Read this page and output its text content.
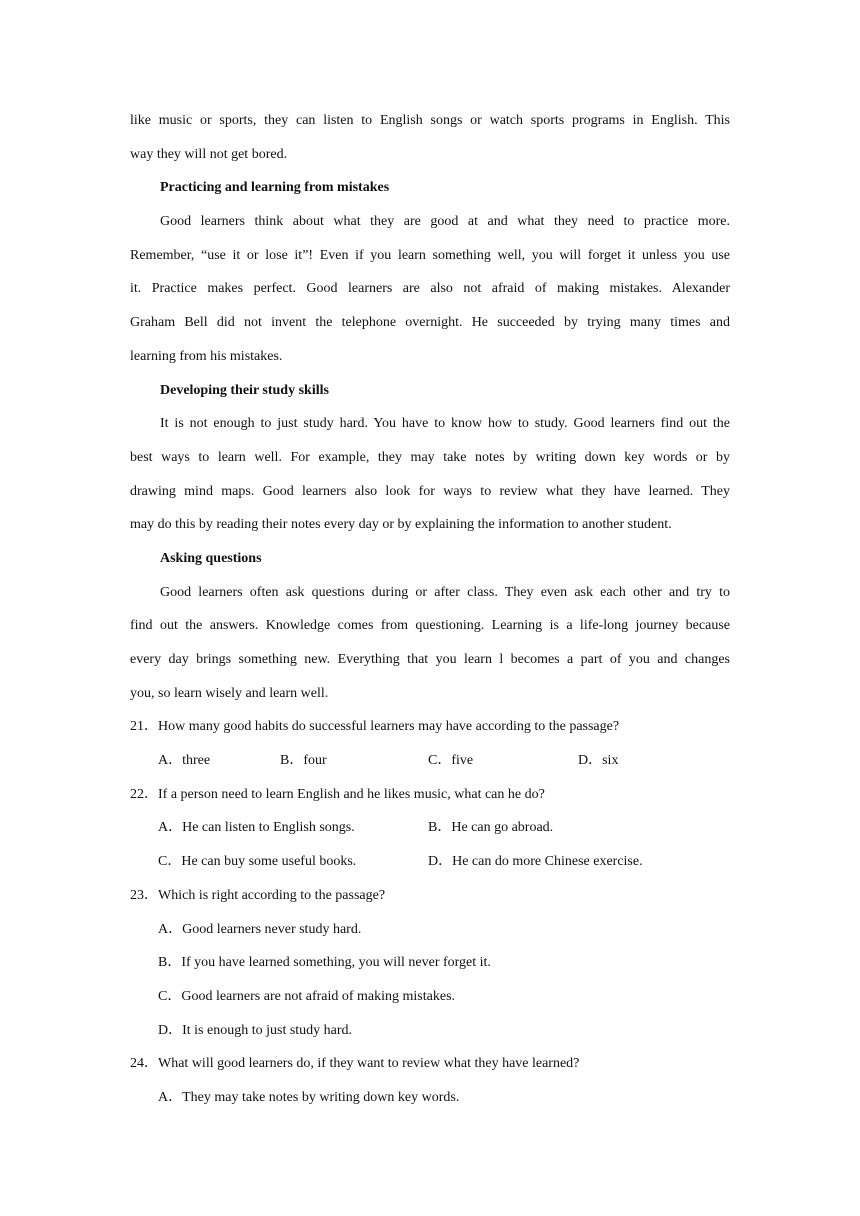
like music or sports, they can listen to English songs or watch sports programs in English. This
way they will not get bored.
Practicing and learning from mistakes
Good learners think about what they are good at and what they need to practice more.
Remember, “use it or lose it”! Even if you learn something well, you will forget it unless you use
it. Practice makes perfect. Good learners are also not afraid of making mistakes. Alexander
Graham Bell did not invent the telephone overnight. He succeeded by trying many times and
learning from his mistakes.
Developing their study skills
It is not enough to just study hard. You have to know how to study. Good learners find out the
best ways to learn well. For example, they may take notes by writing down key words or by
drawing mind maps. Good learners also look for ways to review what they have learned. They
may do this by reading their notes every day or by explaining the information to another student.
Asking questions
Good learners often ask questions during or after class. They even ask each other and try to
find out the answers. Knowledge comes from questioning. Learning is a life-long journey because
every day brings something new. Everything that you learn l becomes a part of you and changes
you, so learn wisely and learn well.
21．How many good habits do successful learners may have according to the passage?
A．three	B．four	C．five	D．six
22．If a person need to learn English and he likes music, what can he do?
A．He can listen to English songs.	B．He can go abroad.
C．He can buy some useful books.	D．He can do more Chinese exercise.
23．Which is right according to the passage?
A．Good learners never study hard.
B．If you have learned something, you will never forget it.
C．Good learners are not afraid of making mistakes.
D．It is enough to just study hard.
24．What will good learners do, if they want to review what they have learned?
A．They may take notes by writing down key words.
